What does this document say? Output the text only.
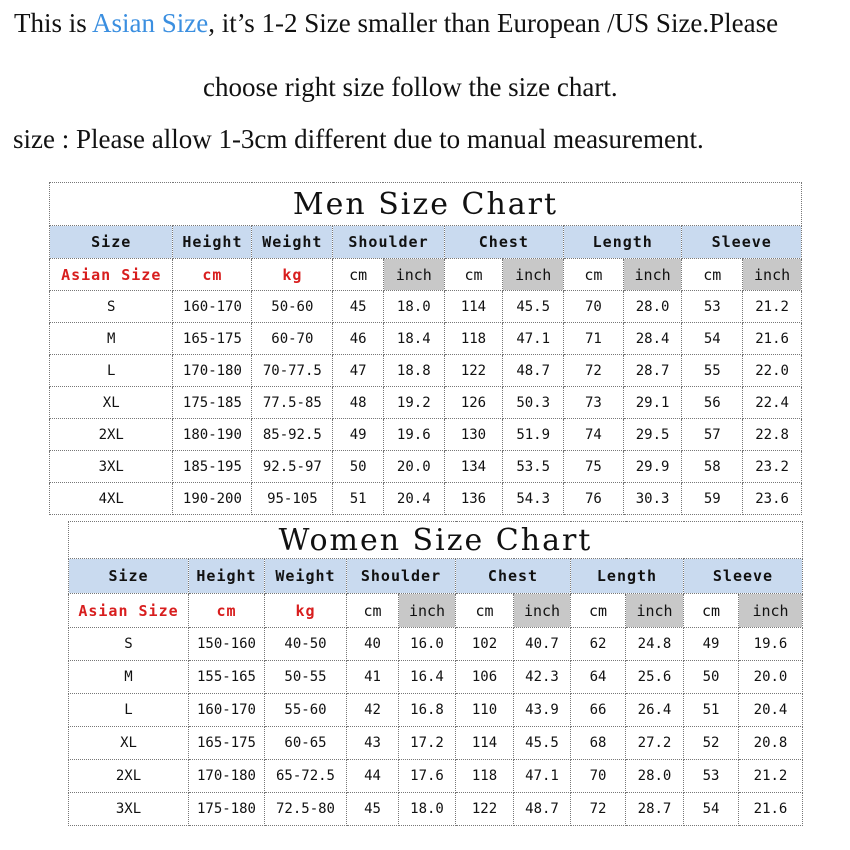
This is Asian Size, it’s 1-2 Size smaller than European /US Size.Please
choose right size follow the size chart.
size : Please allow 1-3cm different due to manual measurement.
Men Size Chart										
Size	Height	Weight	Shoulder		Chest		Length		Sleeve	
Asian Size	cm	kg	cm	inch	cm	inch	cm	inch	cm	inch
S	160-170	50-60	45	18.0	114	45.5	70	28.0	53	21.2
M	165-175	60-70	46	18.4	118	47.1	71	28.4	54	21.6
L	170-180	70-77.5	47	18.8	122	48.7	72	28.7	55	22.0
XL	175-185	77.5-85	48	19.2	126	50.3	73	29.1	56	22.4
2XL	180-190	85-92.5	49	19.6	130	51.9	74	29.5	57	22.8
3XL	185-195	92.5-97	50	20.0	134	53.5	75	29.9	58	23.2
4XL	190-200	95-105	51	20.4	136	54.3	76	30.3	59	23.6
Women Size Chart										
Size	Height	Weight	Shoulder		Chest		Length		Sleeve	
Asian Size	cm	kg	cm	inch	cm	inch	cm	inch	cm	inch
S	150-160	40-50	40	16.0	102	40.7	62	24.8	49	19.6
M	155-165	50-55	41	16.4	106	42.3	64	25.6	50	20.0
L	160-170	55-60	42	16.8	110	43.9	66	26.4	51	20.4
XL	165-175	60-65	43	17.2	114	45.5	68	27.2	52	20.8
2XL	170-180	65-72.5	44	17.6	118	47.1	70	28.0	53	21.2
3XL	175-180	72.5-80	45	18.0	122	48.7	72	28.7	54	21.6
